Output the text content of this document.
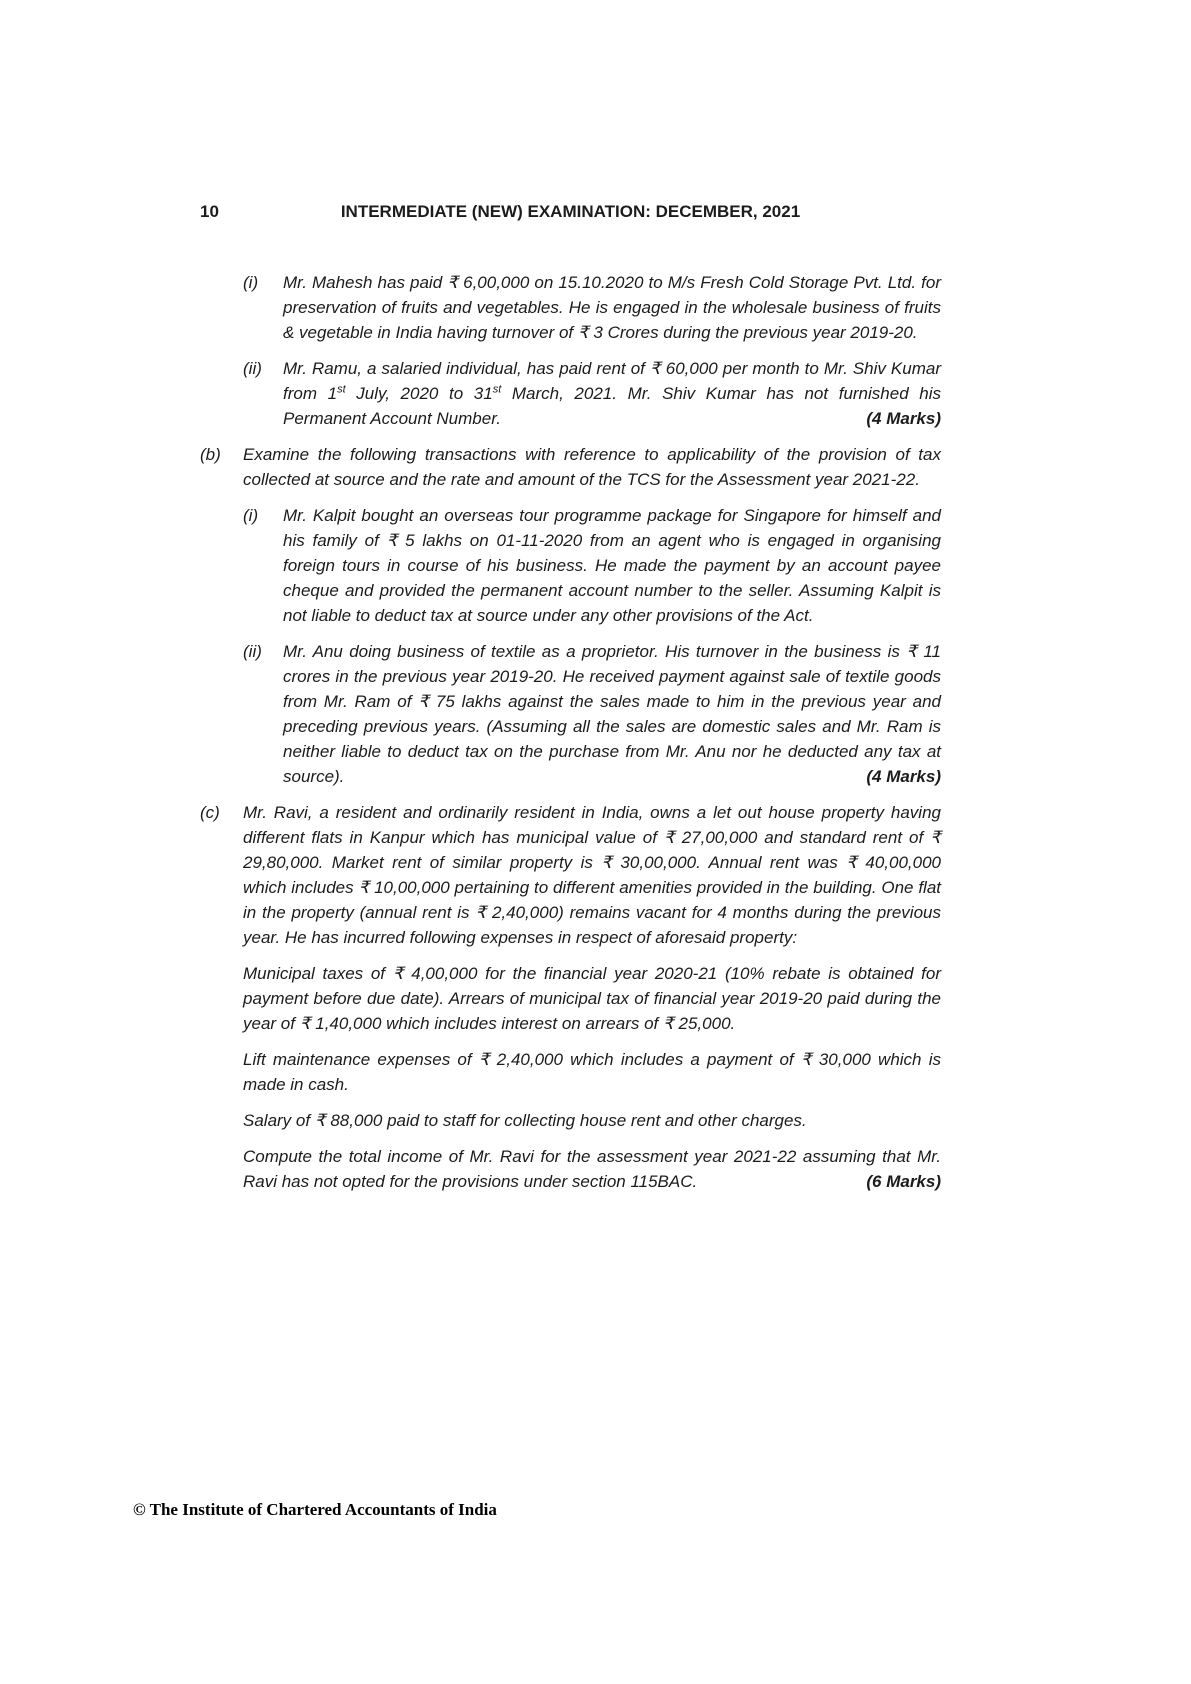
10	INTERMEDIATE (NEW) EXAMINATION: DECEMBER, 2021
(i) Mr. Mahesh has paid ₹ 6,00,000 on 15.10.2020 to M/s Fresh Cold Storage Pvt. Ltd. for preservation of fruits and vegetables. He is engaged in the wholesale business of fruits & vegetable in India having turnover of ₹ 3 Crores during the previous year 2019-20.
(ii) Mr. Ramu, a salaried individual, has paid rent of ₹ 60,000 per month to Mr. Shiv Kumar from 1st July, 2020 to 31st March, 2021. Mr. Shiv Kumar has not furnished his Permanent Account Number.	(4 Marks)
(b) Examine the following transactions with reference to applicability of the provision of tax collected at source and the rate and amount of the TCS for the Assessment year 2021-22.
(i) Mr. Kalpit bought an overseas tour programme package for Singapore for himself and his family of ₹ 5 lakhs on 01-11-2020 from an agent who is engaged in organising foreign tours in course of his business. He made the payment by an account payee cheque and provided the permanent account number to the seller. Assuming Kalpit is not liable to deduct tax at source under any other provisions of the Act.
(ii) Mr. Anu doing business of textile as a proprietor. His turnover in the business is ₹ 11 crores in the previous year 2019-20. He received payment against sale of textile goods from Mr. Ram of ₹ 75 lakhs against the sales made to him in the previous year and preceding previous years. (Assuming all the sales are domestic sales and Mr. Ram is neither liable to deduct tax on the purchase from Mr. Anu nor he deducted any tax at source).	(4 Marks)
(c) Mr. Ravi, a resident and ordinarily resident in India, owns a let out house property having different flats in Kanpur which has municipal value of ₹ 27,00,000 and standard rent of ₹ 29,80,000. Market rent of similar property is ₹ 30,00,000. Annual rent was ₹ 40,00,000 which includes ₹ 10,00,000 pertaining to different amenities provided in the building. One flat in the property (annual rent is ₹ 2,40,000) remains vacant for 4 months during the previous year. He has incurred following expenses in respect of aforesaid property:
Municipal taxes of ₹ 4,00,000 for the financial year 2020-21 (10% rebate is obtained for payment before due date). Arrears of municipal tax of financial year 2019-20 paid during the year of ₹ 1,40,000 which includes interest on arrears of ₹ 25,000.
Lift maintenance expenses of ₹ 2,40,000 which includes a payment of ₹ 30,000 which is made in cash.
Salary of ₹ 88,000 paid to staff for collecting house rent and other charges.
Compute the total income of Mr. Ravi for the assessment year 2021-22 assuming that Mr. Ravi has not opted for the provisions under section 115BAC.	(6 Marks)
© The Institute of Chartered Accountants of India
